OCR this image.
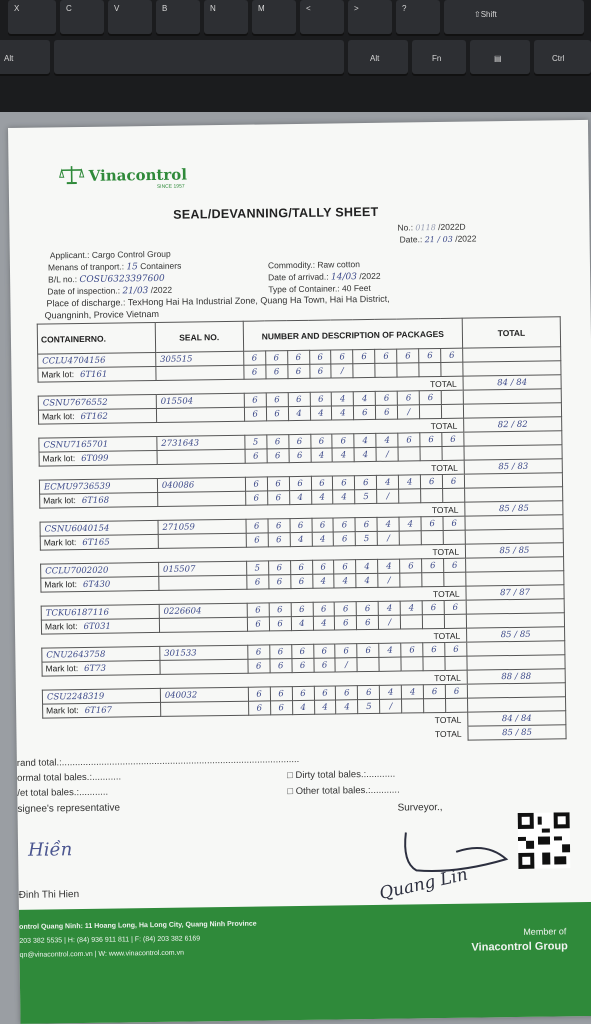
X	C	V	B	N	M	<	>	?
⇧Shift
Alt	Alt	Fn	▤	Ctrl
Vinacontrol
SINCE 1957
SEAL/DEVANNING/TALLY SHEET
No.: 0118 /2022D
Date.: 21 / 03 /2022
Applicant.: Cargo Control Group
Menans of tranport.: 15 Containers
B/L no.: COSU6323397600
Date of inspection.: 21/03 /2022
Commodity.: Raw cotton
Date of arrivad.: 14/03 /2022
Type of Container.: 40 Feet
Place of discharge.: TexHong Hai Ha Industrial Zone, Quang Ha Town, Hai Ha District,
Quangninh, Provice Vietnam
CONTAINERNO.	SEAL NO.	NUMBER AND DESCRIPTION OF PACKAGES										TOTAL
CCLU4704156	305515	6	6	6	6	6	6	6	6	6	6	
Mark lot: 6T161		6	6	6	6	/						
TOTAL												84 / 84
CSNU7676552	015504	6	6	6	6	4	4	6	6	6		
Mark lot: 6T162		6	6	4	4	4	6	6	/			
TOTAL												82 / 82
CSNU7165701	2731643	5	6	6	6	6	4	4	6	6	6	
Mark lot: 6T099		6	6	6	4	4	4	/				
TOTAL												85 / 83
ECMU9736539	040086	6	6	6	6	6	6	4	4	6	6	
Mark lot: 6T168		6	6	4	4	4	5	/				
TOTAL												85 / 85
CSNU6040154	271059	6	6	6	6	6	6	4	4	6	6	
Mark lot: 6T165		6	6	4	4	6	5	/				
TOTAL												85 / 85
CCLU7002020	015507	5	6	6	6	6	4	4	6	6	6	
Mark lot: 6T430		6	6	6	4	4	4	/				
TOTAL												87 / 87
TCKU6187116	0226604	6	6	6	6	6	6	4	4	6	6	
Mark lot: 6T031		6	6	4	4	6	6	/				
TOTAL												85 / 85
CNU2643758	301533	6	6	6	6	6	6	4	6	6	6	
Mark lot: 6T73		6	6	6	6	/						
TOTAL												88 / 88
CSU2248319	040032	6	6	6	6	6	6	4	4	6	6	
Mark lot: 6T167		6	6	4	4	4	5	/				
TOTAL												84 / 84
TOTAL												85 / 85
rand total.:..........................................................................................
ormal total bales.:...........
/et total bales.:...........
□ Dirty total bales.:...........
□ Other total bales.:...........
signee's representative	Surveyor.,
Hiền
Quang Lin
Đinh Thi Hien
ontrol Quang Ninh: 11 Hoang Long, Ha Long City, Quang Ninh Province
203 382 5535 | H: (84) 936 911 811 | F: (84) 203 382 6169
qn@vinacontrol.com.vn | W: www.vinacontrol.com.vn
Member of
Vinacontrol Group
